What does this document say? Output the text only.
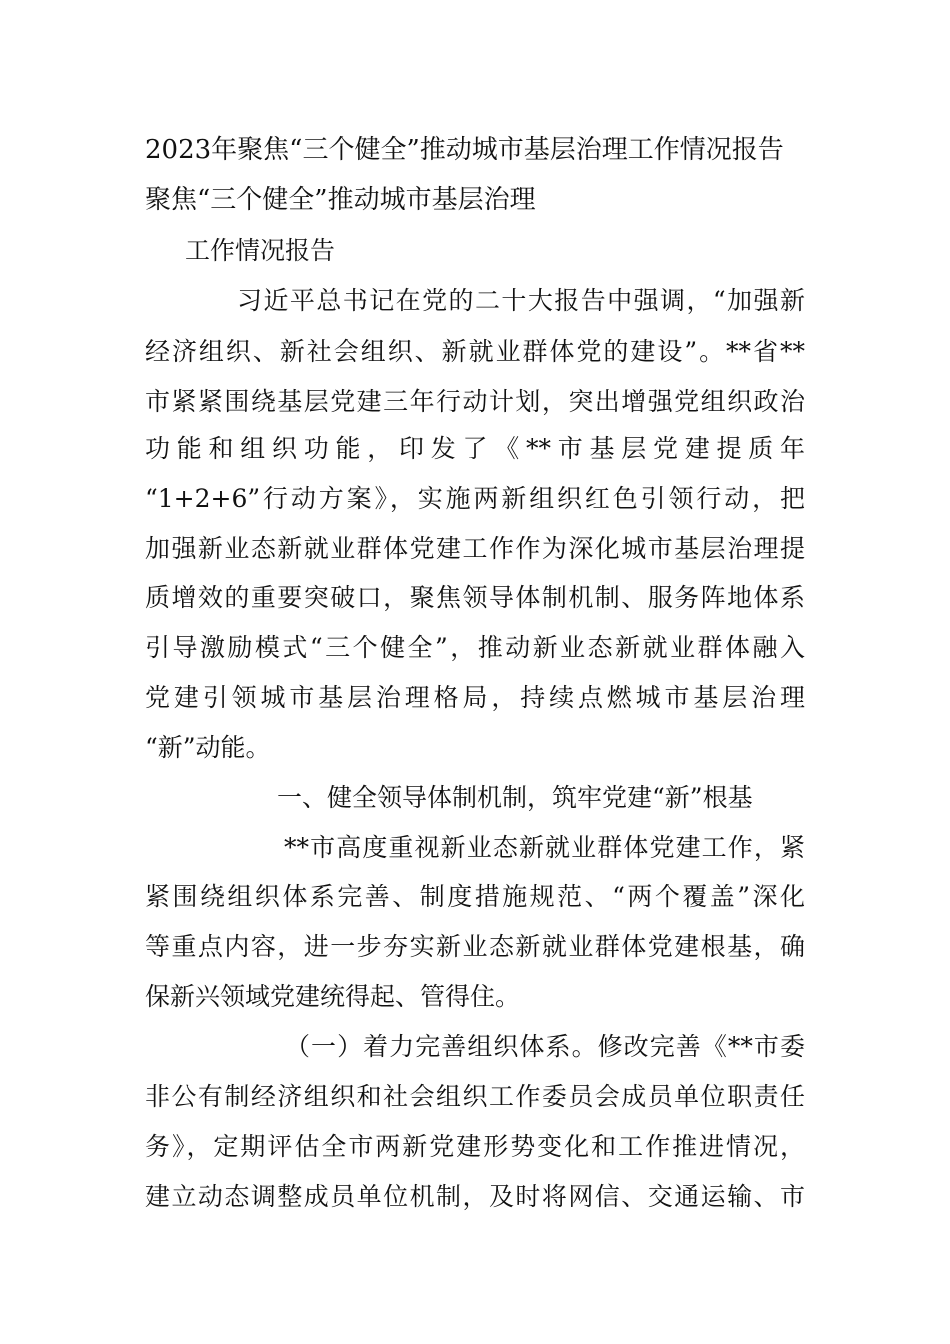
2023年聚焦“三个健全”推动城市基层治理工作情况报告
聚焦“三个健全”推动城市基层治理
工作情况报告
习近平总书记在党的二十大报告中强调，“加强新
经济组织、新社会组织、新就业群体党的建设”。**省**
市紧紧围绕基层党建三年行动计划，突出增强党组织政治
功能和组织功能，印发了《**市基层党建提质年
“1+2+6”行动方案》，实施两新组织红色引领行动，把
加强新业态新就业群体党建工作作为深化城市基层治理提
质增效的重要突破口，聚焦领导体制机制、服务阵地体系
引导激励模式“三个健全”，推动新业态新就业群体融入
党建引领城市基层治理格局，持续点燃城市基层治理
“新”动能。
一、健全领导体制机制，筑牢党建“新”根基
**市高度重视新业态新就业群体党建工作，紧
紧围绕组织体系完善、制度措施规范、“两个覆盖”深化
等重点内容，进一步夯实新业态新就业群体党建根基，确
保新兴领域党建统得起、管得住。
（一）着力完善组织体系。修改完善《**市委
非公有制经济组织和社会组织工作委员会成员单位职责任
务》，定期评估全市两新党建形势变化和工作推进情况，
建立动态调整成员单位机制，及时将网信、交通运输、市
